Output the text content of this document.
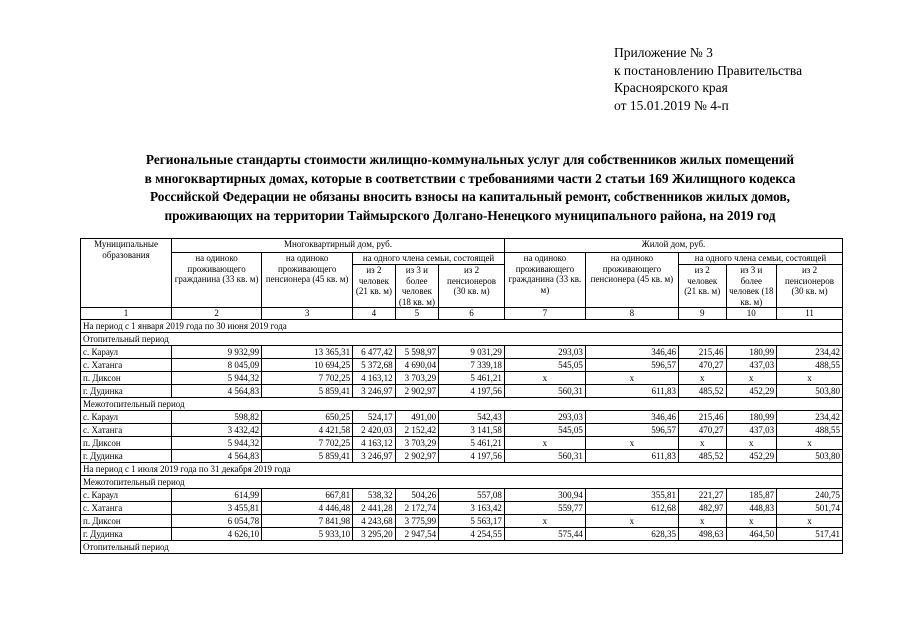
Приложение № 3
к постановлению Правительства
Красноярского края
от 15.01.2019 № 4-п
Региональные стандарты стоимости жилищно-коммунальных услуг для собственников жилых помещений
в многоквартирных домах, которые в соответствии с требованиями части 2 статьи 169 Жилищного кодекса
Российской Федерации не обязаны вносить взносы на капитальный ремонт, собственников жилых домов,
проживающих на территории Таймырского Долгано-Ненецкого муниципального района, на 2019 год
Муниципальные образования	Многоквартирный дом, руб.					Жилой дом, руб.				
	на одиноко проживающего гражданина (33 кв. м)	на одиноко проживающего пенсионера (45 кв. м)	на одного члена семьи, состоящей			на одиноко проживающего гражданина (33 кв. м)	на одиноко проживающего пенсионера (45 кв. м)	на одного члена семьи, состоящей		
			из 2 человек (21 кв. м)	из 3 и более человек (18 кв. м)	из 2 пенсионеров (30 кв. м)			из 2 человек (21 кв. м)	из 3 и более человек (18 кв. м)	из 2 пенсионеров (30 кв. м)
1	2	3	4	5	6	7	8	9	10	11
На период с 1 января 2019 года по 30 июня 2019 года										
Отопительный период										
с. Караул	9 932,99	13 365,31	6 477,42	5 598,97	9 031,29	293,03	346,46	215,46	180,99	234,42
с. Хатанга	8 045,09	10 694,25	5 372,68	4 690,04	7 339,18	545,05	596,57	470,27	437,03	488,55
п. Диксон	5 944,32	7 702,25	4 163,12	3 703,29	5 461,21	х	х	х	х	х
г. Дудинка	4 564,83	5 859,41	3 246,97	2 902,97	4 197,56	560,31	611,83	485,52	452,29	503,80
Межотопительный период										
с. Караул	598,82	650,25	524,17	491,00	542,43	293,03	346,46	215,46	180,99	234,42
с. Хатанга	3 432,42	4 421,58	2 420,03	2 152,42	3 141,58	545,05	596,57	470,27	437,03	488,55
п. Диксон	5 944,32	7 702,25	4 163,12	3 703,29	5 461,21	х	х	х	х	х
г. Дудинка	4 564,83	5 859,41	3 246,97	2 902,97	4 197,56	560,31	611,83	485,52	452,29	503,80
На период с 1 июля 2019 года по 31 декабря 2019 года										
Межотопительный период										
с. Караул	614,99	667,81	538,32	504,26	557,08	300,94	355,81	221,27	185,87	240,75
с. Хатанга	3 455,81	4 446,48	2 441,28	2 172,74	3 163,42	559,77	612,68	482,97	448,83	501,74
п. Диксон	6 054,78	7 841,98	4 243,68	3 775,99	5 563,17	х	х	х	х	х
г. Дудинка	4 626,10	5 933,10	3 295,20	2 947,54	4 254,55	575,44	628,35	498,63	464,50	517,41
Отопительный период										
